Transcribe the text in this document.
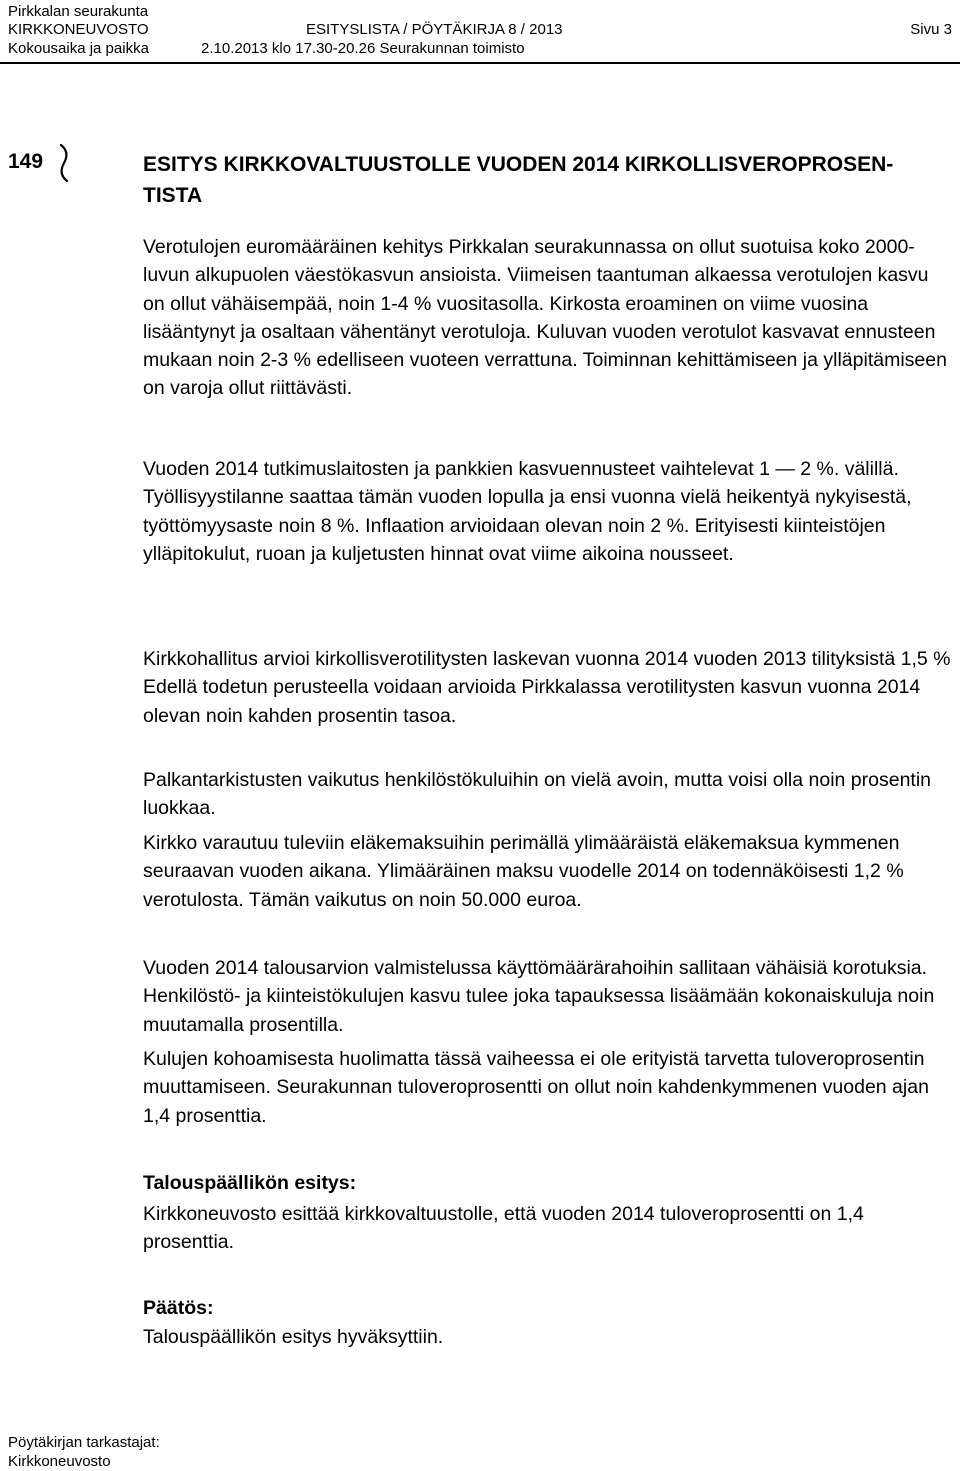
Pirkkalan seurakunta
KIRKKONEUVOSTO	ESITYSLISTA / PÖYTÄKIRJA 8 / 2013	Sivu 3
Kokousaika ja paikka	2.10.2013 klo 17.30-20.26 Seurakunnan toimisto
149	ESITYS KIRKKOVALTUUSTOLLE VUODEN 2014 KIRKOLLISVEROPROSEN-TISTA

Verotulojen euromääräinen kehitys Pirkkalan seurakunnassa on ollut suotuisa koko 2000-luvun alkupuolen väestökasvun ansioista. Viimeisen taantuman alkaessa verotulojen kasvu on ollut vähäisempää, noin 1-4 % vuositasolla. Kirkosta eroaminen on viime vuosina lisääntynyt ja osaltaan vähentänyt verotuloja. Kuluvan vuoden verotulot kasvavat ennusteen mukaan noin 2-3 % edelliseen vuoteen verrattuna. Toiminnan kehittämiseen ja ylläpitämiseen on varoja ollut riittävästi.

Vuoden 2014 tutkimuslaitosten ja pankkien kasvuennusteet vaihtelevat 1 — 2 %. välillä. Työllisyystilanne saattaa tämän vuoden lopulla ja ensi vuonna vielä heikentyä nykyisestä, työttömyysaste noin 8 %. Inflaation arvioidaan olevan noin 2 %. Erityisesti kiinteistöjen ylläpitokulut, ruoan ja kuljetusten hinnat ovat viime aikoina nousseet.

Kirkkohallitus arvioi kirkollisverotilitysten laskevan vuonna 2014 vuoden 2013 tilityksistä 1,5 % Edellä todetun perusteella voidaan arvioida Pirkkalassa verotilitysten kasvun vuonna 2014 olevan noin kahden prosentin tasoa.

Palkantarkistusten vaikutus henkilöstökuluihin on vielä avoin, mutta voisi olla noin prosentin luokkaa.

Kirkko varautuu tuleviin eläkemaksuihin perimällä ylimääräistä eläkemaksua kymmenen seuraavan vuoden aikana. Ylimääräinen maksu vuodelle 2014 on todennäköisesti 1,2 % verotulosta. Tämän vaikutus on noin 50.000 euroa.

Vuoden 2014 talousarvion valmistelussa käyttömäärärahoihin sallitaan vähäisiä korotuksia. Henkilöstö- ja kiinteistökulujen kasvu tulee joka tapauksessa lisäämään kokonaiskuluja noin muutamalla prosentilla.

Kulujen kohoamisesta huolimatta tässä vaiheessa ei ole erityistä tarvetta tuloveroprosentin muuttamiseen. Seurakunnan tuloveroprosentti on ollut noin kahdenkymmenen vuoden ajan 1,4 prosenttia.

Talouspäällikön esitys:

Kirkkoneuvosto esittää kirkkovaltuustolle, että vuoden 2014 tuloveroprosentti on 1,4 prosenttia.

Päätös:

Talouspäällikön esitys hyväksyttiin.

Pöytäkirjan tarkastajat:
Kirkkoneuvosto
